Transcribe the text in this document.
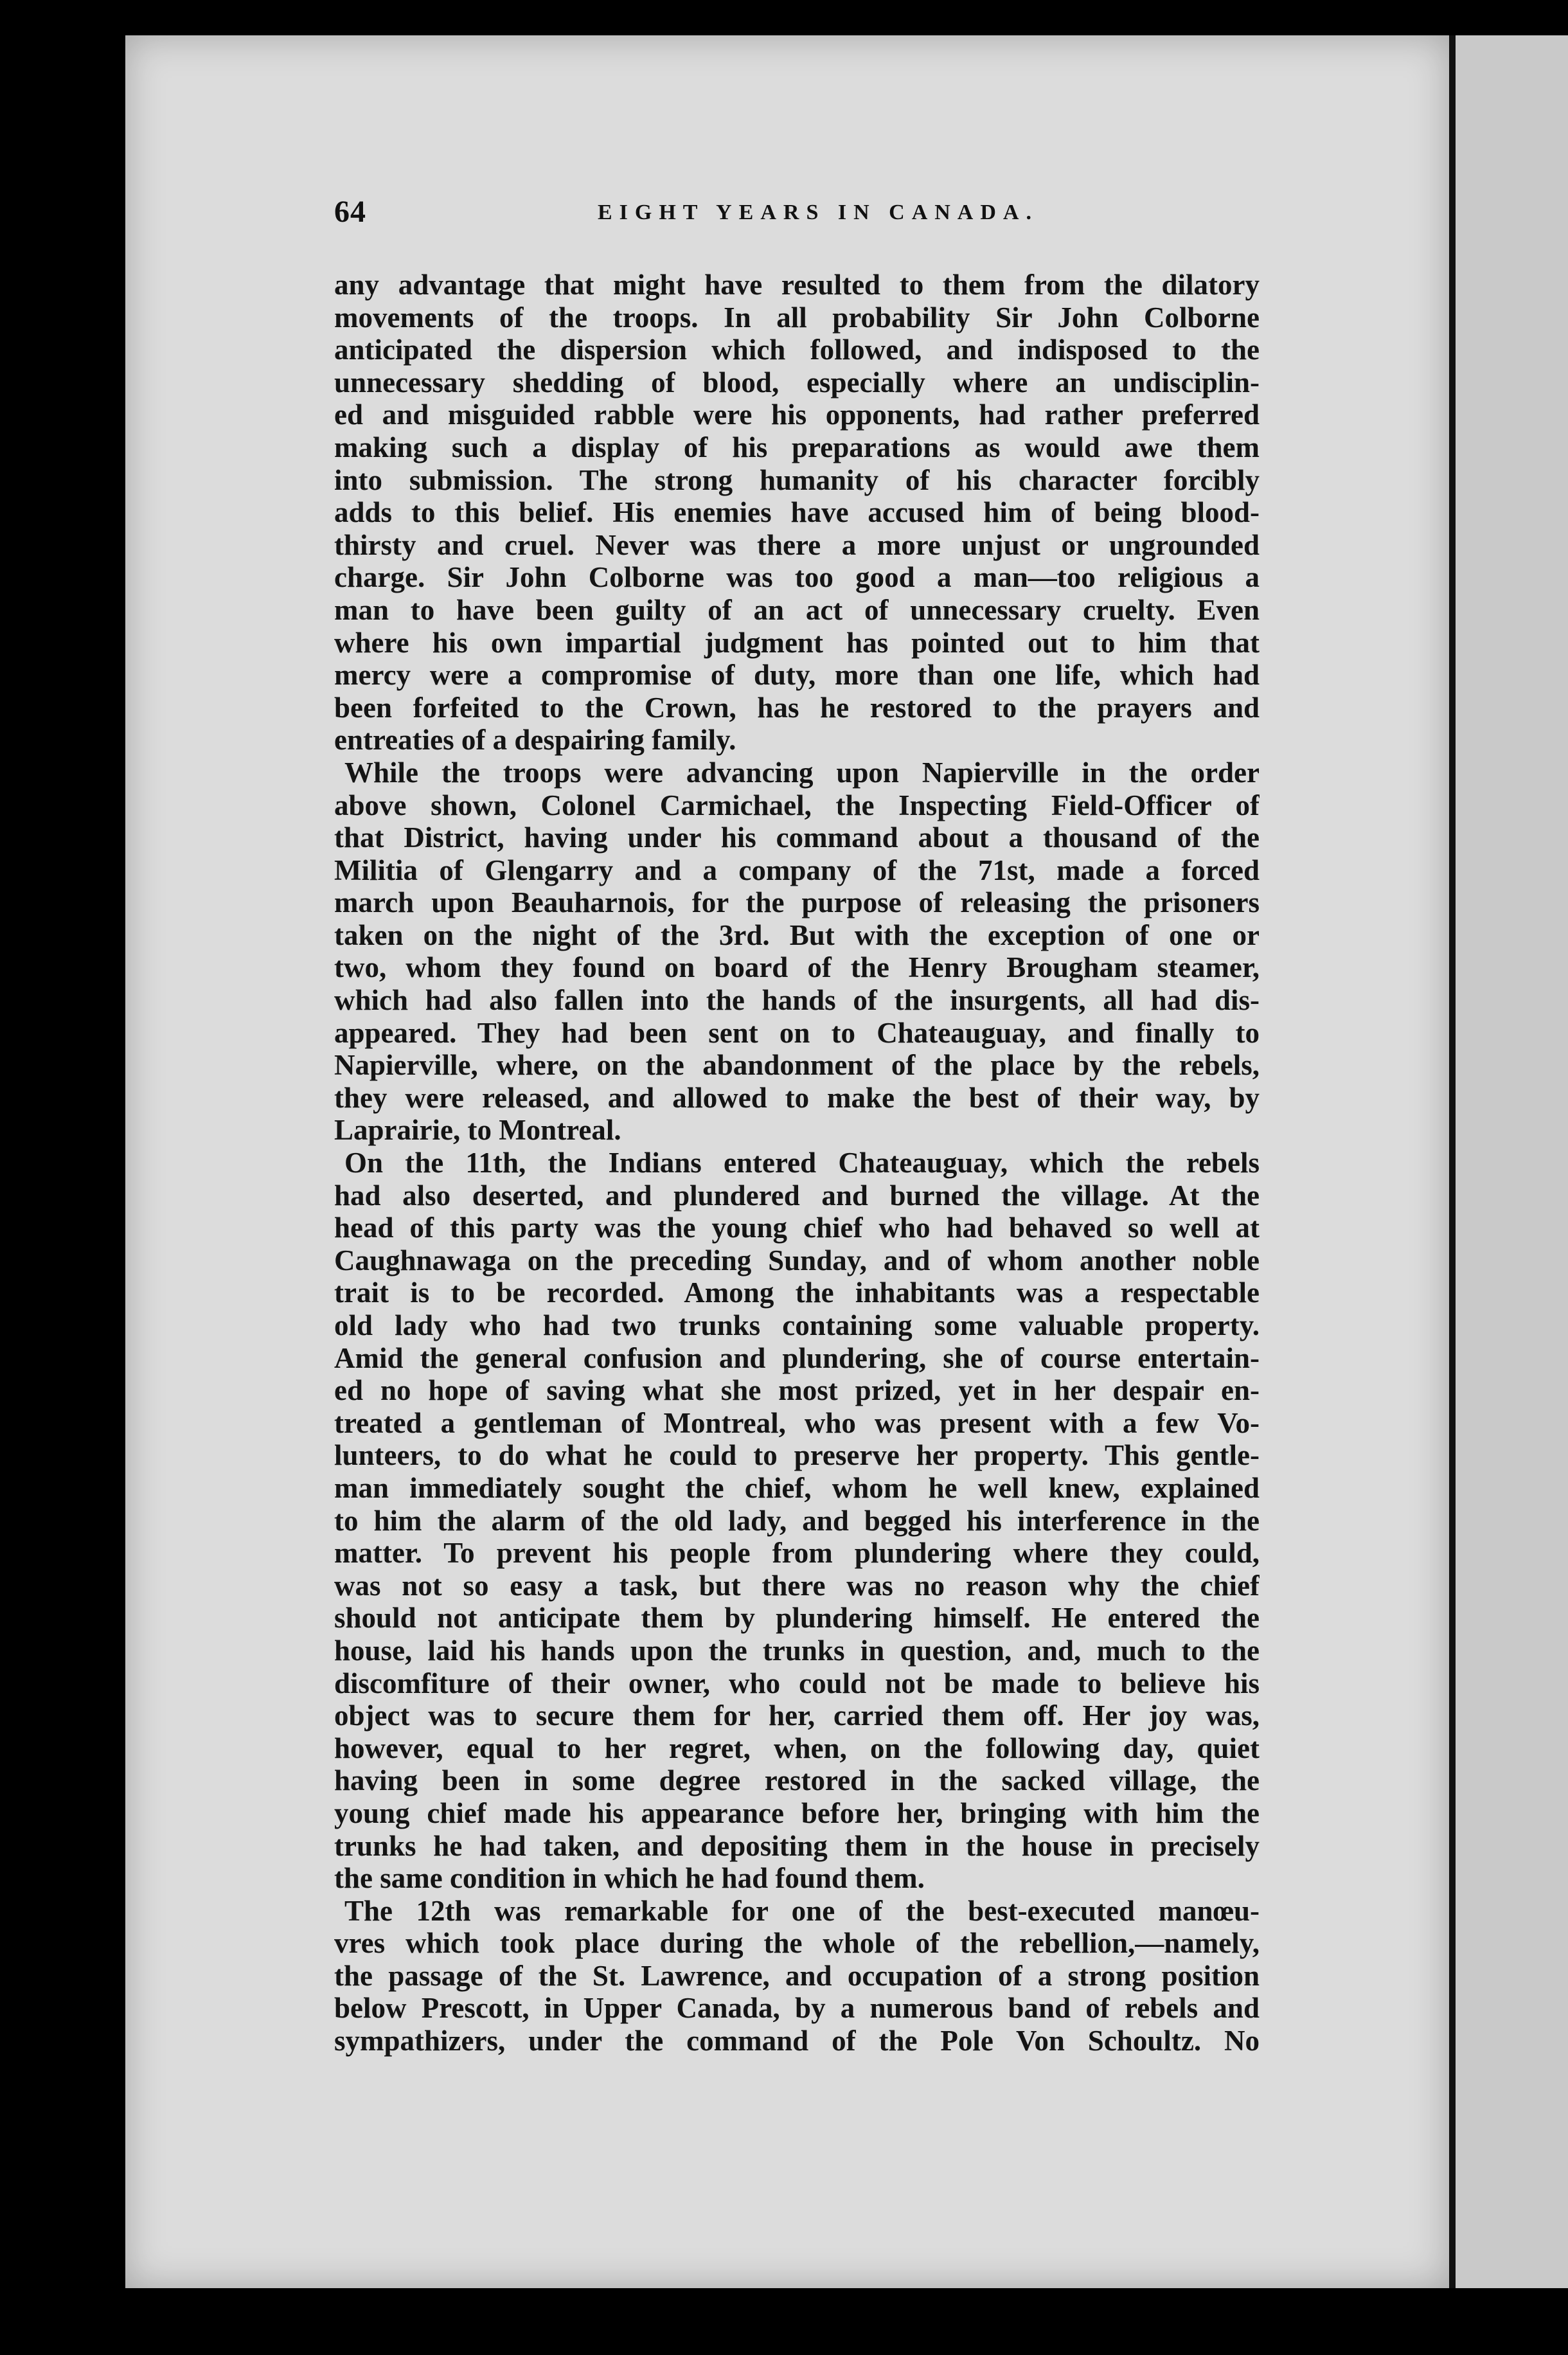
64	EIGHT YEARS IN CANADA.
any advantage that might have resulted to them from the dilatory
movements of the troops. In all probability Sir John Colborne
anticipated the dispersion which followed, and indisposed to the
unnecessary shedding of blood, especially where an undisciplin-
ed and misguided rabble were his opponents, had rather preferred
making such a display of his preparations as would awe them
into submission. The strong humanity of his character forcibly
adds to this belief. His enemies have accused him of being blood-
thirsty and cruel. Never was there a more unjust or ungrounded
charge. Sir John Colborne was too good a man—too religious a
man to have been guilty of an act of unnecessary cruelty. Even
where his own impartial judgment has pointed out to him that
mercy were a compromise of duty, more than one life, which had
been forfeited to the Crown, has he restored to the prayers and
entreaties of a despairing family.
While the troops were advancing upon Napierville in the order
above shown, Colonel Carmichael, the Inspecting Field-Officer of
that District, having under his command about a thousand of the
Militia of Glengarry and a company of the 71st, made a forced
march upon Beauharnois, for the purpose of releasing the prisoners
taken on the night of the 3rd. But with the exception of one or
two, whom they found on board of the Henry Brougham steamer,
which had also fallen into the hands of the insurgents, all had dis-
appeared. They had been sent on to Chateauguay, and finally to
Napierville, where, on the abandonment of the place by the rebels,
they were released, and allowed to make the best of their way, by
Laprairie, to Montreal.
On the 11th, the Indians entered Chateauguay, which the rebels
had also deserted, and plundered and burned the village. At the
head of this party was the young chief who had behaved so well at
Caughnawaga on the preceding Sunday, and of whom another noble
trait is to be recorded. Among the inhabitants was a respectable
old lady who had two trunks containing some valuable property.
Amid the general confusion and plundering, she of course entertain-
ed no hope of saving what she most prized, yet in her despair en-
treated a gentleman of Montreal, who was present with a few Vo-
lunteers, to do what he could to preserve her property. This gentle-
man immediately sought the chief, whom he well knew, explained
to him the alarm of the old lady, and begged his interference in the
matter. To prevent his people from plundering where they could,
was not so easy a task, but there was no reason why the chief
should not anticipate them by plundering himself. He entered the
house, laid his hands upon the trunks in question, and, much to the
discomfiture of their owner, who could not be made to believe his
object was to secure them for her, carried them off. Her joy was,
however, equal to her regret, when, on the following day, quiet
having been in some degree restored in the sacked village, the
young chief made his appearance before her, bringing with him the
trunks he had taken, and depositing them in the house in precisely
the same condition in which he had found them.
The 12th was remarkable for one of the best-executed manœu-
vres which took place during the whole of the rebellion,—namely,
the passage of the St. Lawrence, and occupation of a strong position
below Prescott, in Upper Canada, by a numerous band of rebels and
sympathizers, under the command of the Pole Von Schoultz. No
